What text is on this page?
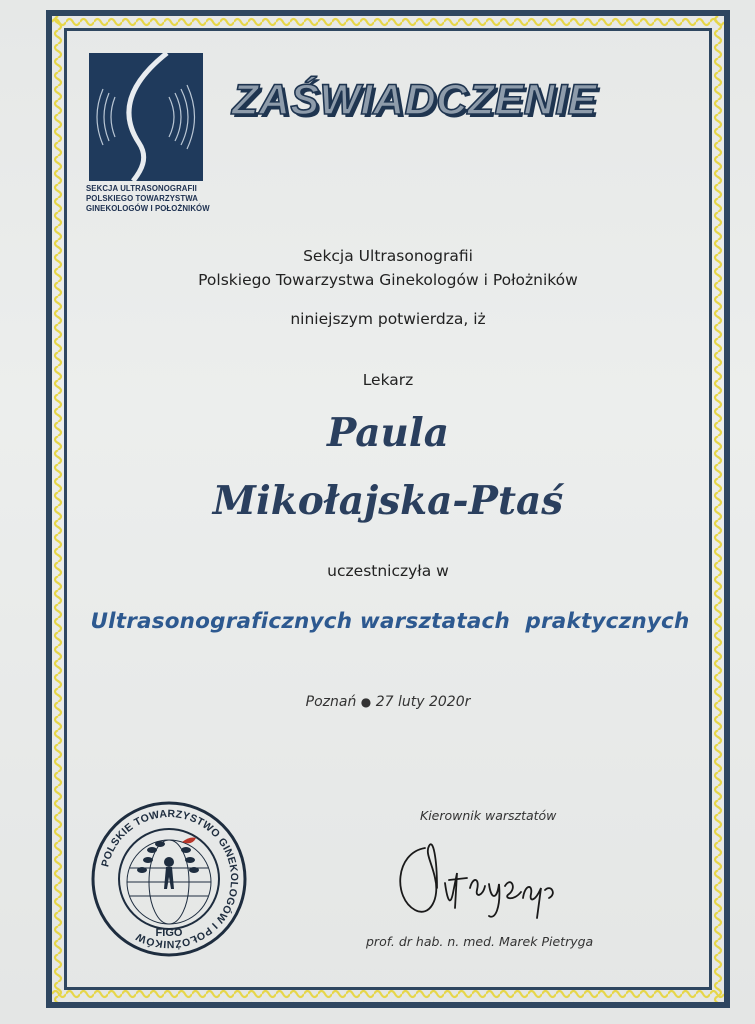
SEKCJA ULTRASONOGRAFII
POLSKIEGO TOWARZYSTWA
GINEKOLOGÓW I POŁOŻNIKÓW
ZAŚWIADCZENIE
Sekcja Ultrasonografii
Polskiego Towarzystwa Ginekologów i Położników
niniejszym potwierdza, iż
Lekarz
Paula
Mikołajska-Ptaś
uczestniczyła w
Ultrasonograficznych warsztatach  praktycznych
Poznań ● 27 luty 2020r
POLSKIE TOWARZYSTWO GINEKOLOGÓW I POŁOŻNIKÓW FIGO
Kierownik warsztatów
prof. dr hab. n. med. Marek Pietryga
